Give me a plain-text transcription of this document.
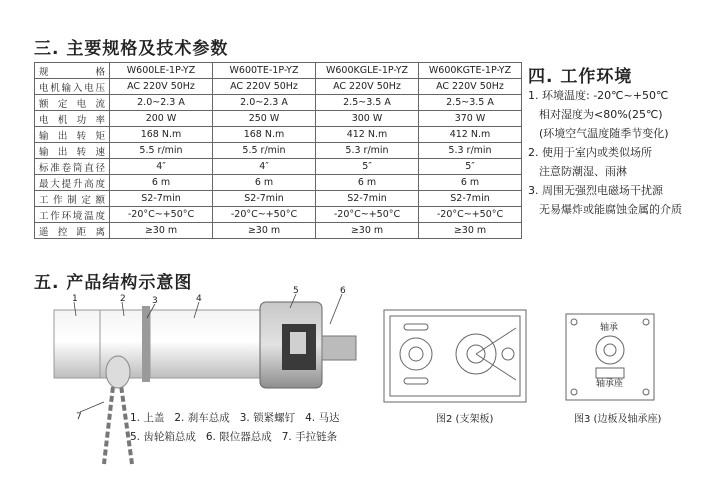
三. 主要规格及技术参数
规 格	W600LE-1P-YZ	W600TE-1P-YZ	W600KGLE-1P-YZ	W600KGTE-1P-YZ
电机输入电压	AC 220V 50Hz	AC 220V 50Hz	AC 220V 50Hz	AC 220V 50Hz
额定电流	2.0~2.3 A	2.0~2.3 A	2.5~3.5 A	2.5~3.5 A
电机功率	200 W	250 W	300 W	370 W
输出转矩	168 N.m	168 N.m	412 N.m	412 N.m
输出转速	5.5 r/min	5.5 r/min	5.3 r/min	5.3 r/min
标准卷筒直径	4″	4″	5″	5″
最大提升高度	6 m	6 m	6 m	6 m
工作制定额	S2-7min	S2-7min	S2-7min	S2-7min
工作环境温度	-20°C~+50°C	-20°C~+50°C	-20°C~+50°C	-20°C~+50°C
遥控距离	≥30 m	≥30 m	≥30 m	≥30 m
四. 工作环境
1. 环境温度: -20℃~+50℃
相对湿度为<80%(25℃)
(环境空气温度随季节变化)
2. 使用于室内或类似场所
注意防潮湿、雨淋
3. 周围无强烈电磁场干扰源
无易爆炸或能腐蚀金属的介质
五. 产品结构示意图
1	2	3	4
5	6
7	1. 上盖 2. 刹车总成 3. 锁紧螺钉 4. 马达
5. 齿轮箱总成 6. 限位器总成 7. 手拉链条
图2 (支架板)
轴承
轴承座
图3 (边板及轴承座)
